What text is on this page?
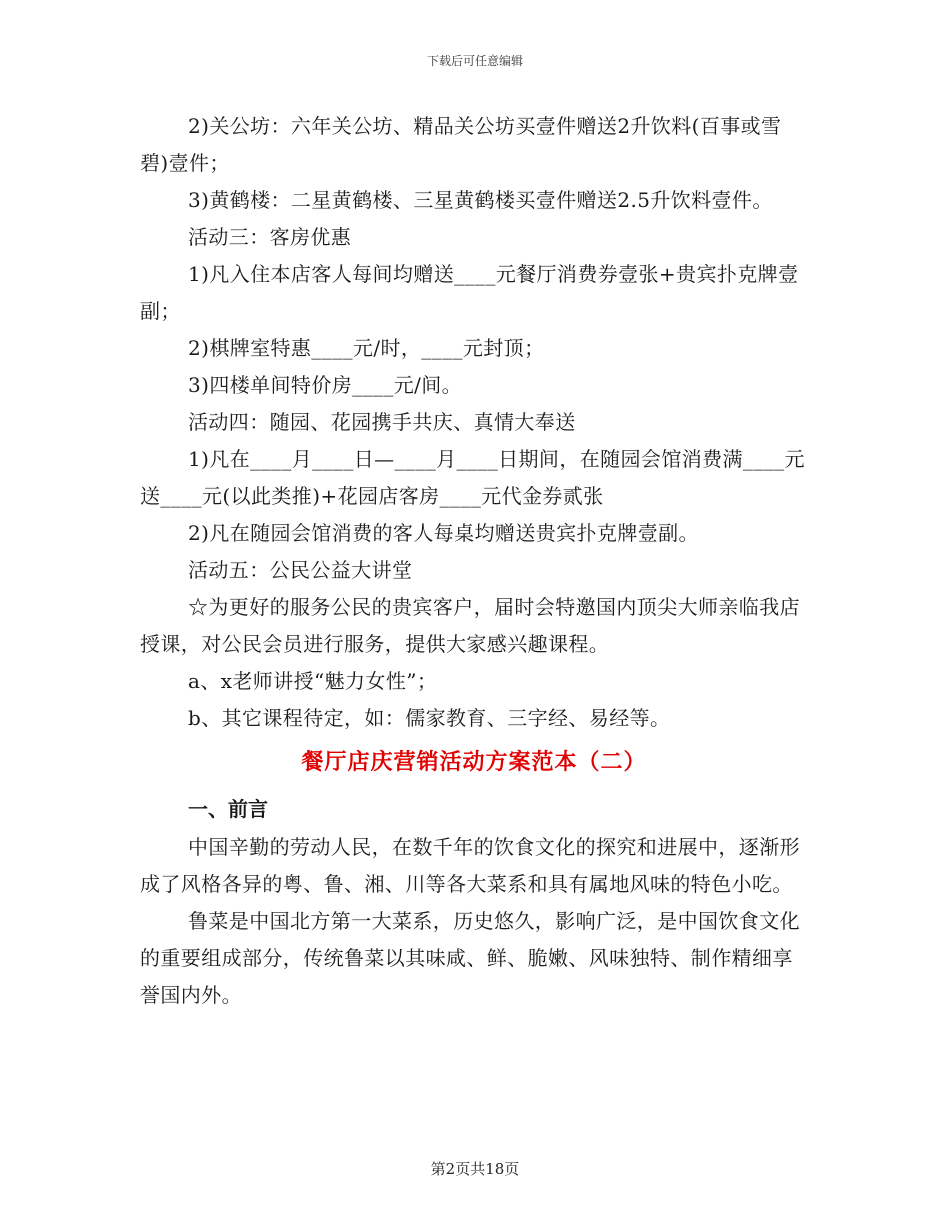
下载后可任意编辑

2)关公坊：六年关公坊、精品关公坊买壹件赠送2升饮料(百事或雪碧)壹件；

3)黄鹤楼：二星黄鹤楼、三星黄鹤楼买壹件赠送2.5升饮料壹件。

活动三：客房优惠

1)凡入住本店客人每间均赠送____元餐厅消费券壹张+贵宾扑克牌壹副；

2)棋牌室特惠____元/时，____元封顶；

3)四楼单间特价房____元/间。

活动四：随园、花园携手共庆、真情大奉送

1)凡在____月____日—____月____日期间，在随园会馆消费满____元送____元(以此类推)+花园店客房____元代金券贰张

2)凡在随园会馆消费的客人每桌均赠送贵宾扑克牌壹副。

活动五：公民公益大讲堂

☆为更好的服务公民的贵宾客户，届时会特邀国内顶尖大师亲临我店授课，对公民会员进行服务，提供大家感兴趣课程。

a、x老师讲授“魅力女性”；

b、其它课程待定，如：儒家教育、三字经、易经等。

餐厅店庆营销活动方案范本（二）
一、前言

中国辛勤的劳动人民，在数千年的饮食文化的探究和进展中，逐渐形成了风格各异的粤、鲁、湘、川等各大菜系和具有属地风味的特色小吃。

鲁菜是中国北方第一大菜系，历史悠久，影响广泛，是中国饮食文化的重要组成部分，传统鲁菜以其味咸、鲜、脆嫩、风味独特、制作精细享誉国内外。

第2页共18页
